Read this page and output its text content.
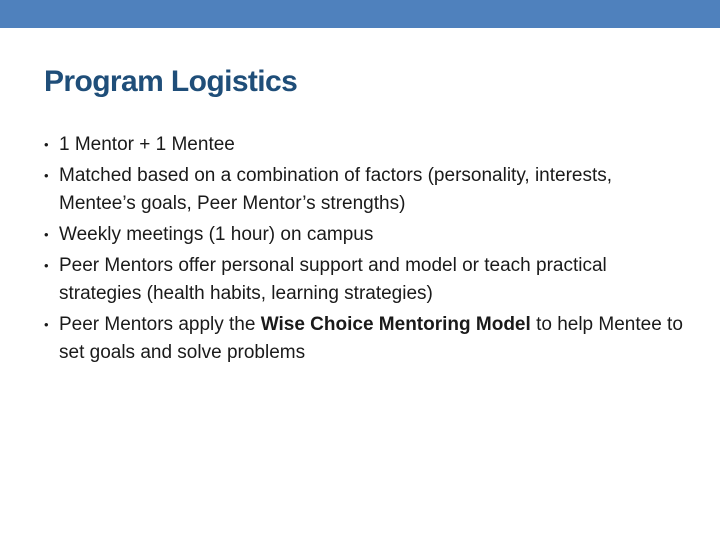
Program Logistics
• 1 Mentor + 1 Mentee
• Matched based on a combination of factors (personality, interests, Mentee’s goals, Peer Mentor’s strengths)
• Weekly meetings (1 hour) on campus
• Peer Mentors offer personal support and model or teach practical strategies (health habits, learning strategies)
• Peer Mentors apply the Wise Choice Mentoring Model to help Mentee to set goals and solve problems
